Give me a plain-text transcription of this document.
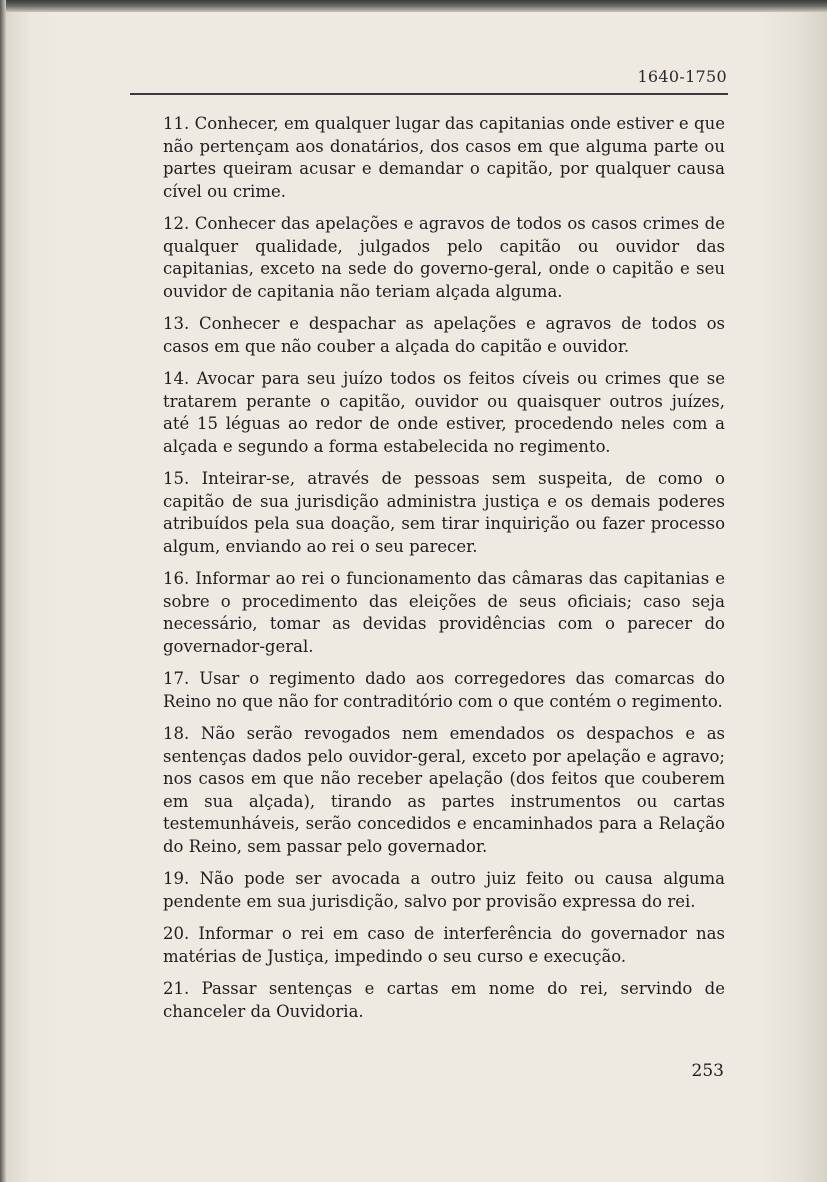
1640-1750

11. Conhecer, em qualquer lugar das capitanias onde estiver e que não pertençam aos donatários, dos casos em que alguma parte ou partes queiram acusar e demandar o capitão, por qualquer causa cível ou crime.

12. Conhecer das apelações e agravos de todos os casos crimes de qualquer qualidade, julgados pelo capitão ou ouvidor das capitanias, exceto na sede do governo-geral, onde o capitão e seu ouvidor de capitania não teriam alçada alguma.

13. Conhecer e despachar as apelações e agravos de todos os casos em que não couber a alçada do capitão e ouvidor.

14. Avocar para seu juízo todos os feitos cíveis ou crimes que se tratarem perante o capitão, ouvidor ou quaisquer outros juízes, até 15 léguas ao redor de onde estiver, procedendo neles com a alçada e segundo a forma estabelecida no regimento.

15. Inteirar-se, através de pessoas sem suspeita, de como o capitão de sua jurisdição administra justiça e os demais poderes atribuídos pela sua doação, sem tirar inquirição ou fazer processo algum, enviando ao rei o seu parecer.

16. Informar ao rei o funcionamento das câmaras das capitanias e sobre o procedimento das eleições de seus oficiais; caso seja necessário, tomar as devidas providências com o parecer do governador-geral.

17. Usar o regimento dado aos corregedores das comarcas do Reino no que não for contraditório com o que contém o regimento.

18. Não serão revogados nem emendados os despachos e as sentenças dados pelo ouvidor-geral, exceto por apelação e agravo; nos casos em que não receber apelação (dos feitos que couberem em sua alçada), tirando as partes instrumentos ou cartas testemunháveis, serão concedidos e encaminhados para a Relação do Reino, sem passar pelo governador.

19. Não pode ser avocada a outro juiz feito ou causa alguma pendente em sua jurisdição, salvo por provisão expressa do rei.

20. Informar o rei em caso de interferência do governador nas matérias de Justiça, impedindo o seu curso e execução.

21. Passar sentenças e cartas em nome do rei, servindo de chanceler da Ouvidoria.

253
